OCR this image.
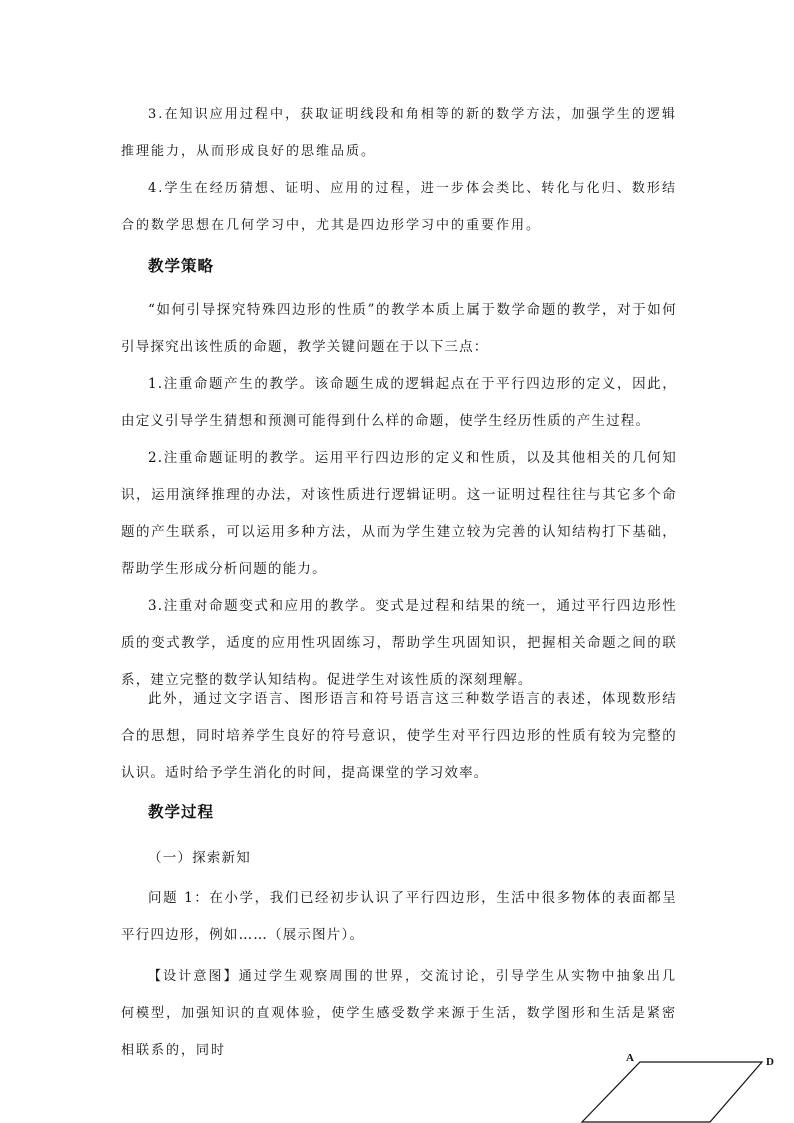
3.在知识应用过程中，获取证明线段和角相等的新的数学方法，加强学生的逻辑推理能力，从而形成良好的思维品质。

4.学生在经历猜想、证明、应用的过程，进一步体会类比、转化与化归、数形结合的数学思想在几何学习中，尤其是四边形学习中的重要作用。

教学策略

“如何引导探究特殊四边形的性质”的教学本质上属于数学命题的教学，对于如何引导探究出该性质的命题，教学关键问题在于以下三点：

1.注重命题产生的教学。该命题生成的逻辑起点在于平行四边形的定义，因此，由定义引导学生猜想和预测可能得到什么样的命题，使学生经历性质的产生过程。

2.注重命题证明的教学。运用平行四边形的定义和性质，以及其他相关的几何知识，运用演绎推理的办法，对该性质进行逻辑证明。这一证明过程往往与其它多个命题的产生联系，可以运用多种方法，从而为学生建立较为完善的认知结构打下基础，帮助学生形成分析问题的能力。

3.注重对命题变式和应用的教学。变式是过程和结果的统一，通过平行四边形性质的变式教学，适度的应用性巩固练习，帮助学生巩固知识，把握相关命题之间的联系，建立完整的数学认知结构。促进学生对该性质的深刻理解。

此外，通过文字语言、图形语言和符号语言这三种数学语言的表述，体现数形结合的思想，同时培养学生良好的符号意识，使学生对平行四边形的性质有较为完整的认识。适时给予学生消化的时间，提高课堂的学习效率。

教学过程

（一）探索新知

问题 1：在小学，我们已经初步认识了平行四边形，生活中很多物体的表面都呈平行四边形，例如……（展示图片）。

【设计意图】通过学生观察周围的世界，交流讨论，引导学生从实物中抽象出几何模型，加强知识的直观体验，使学生感受数学来源于生活，数学图形和生活是紧密相联系的，同时	A	D
